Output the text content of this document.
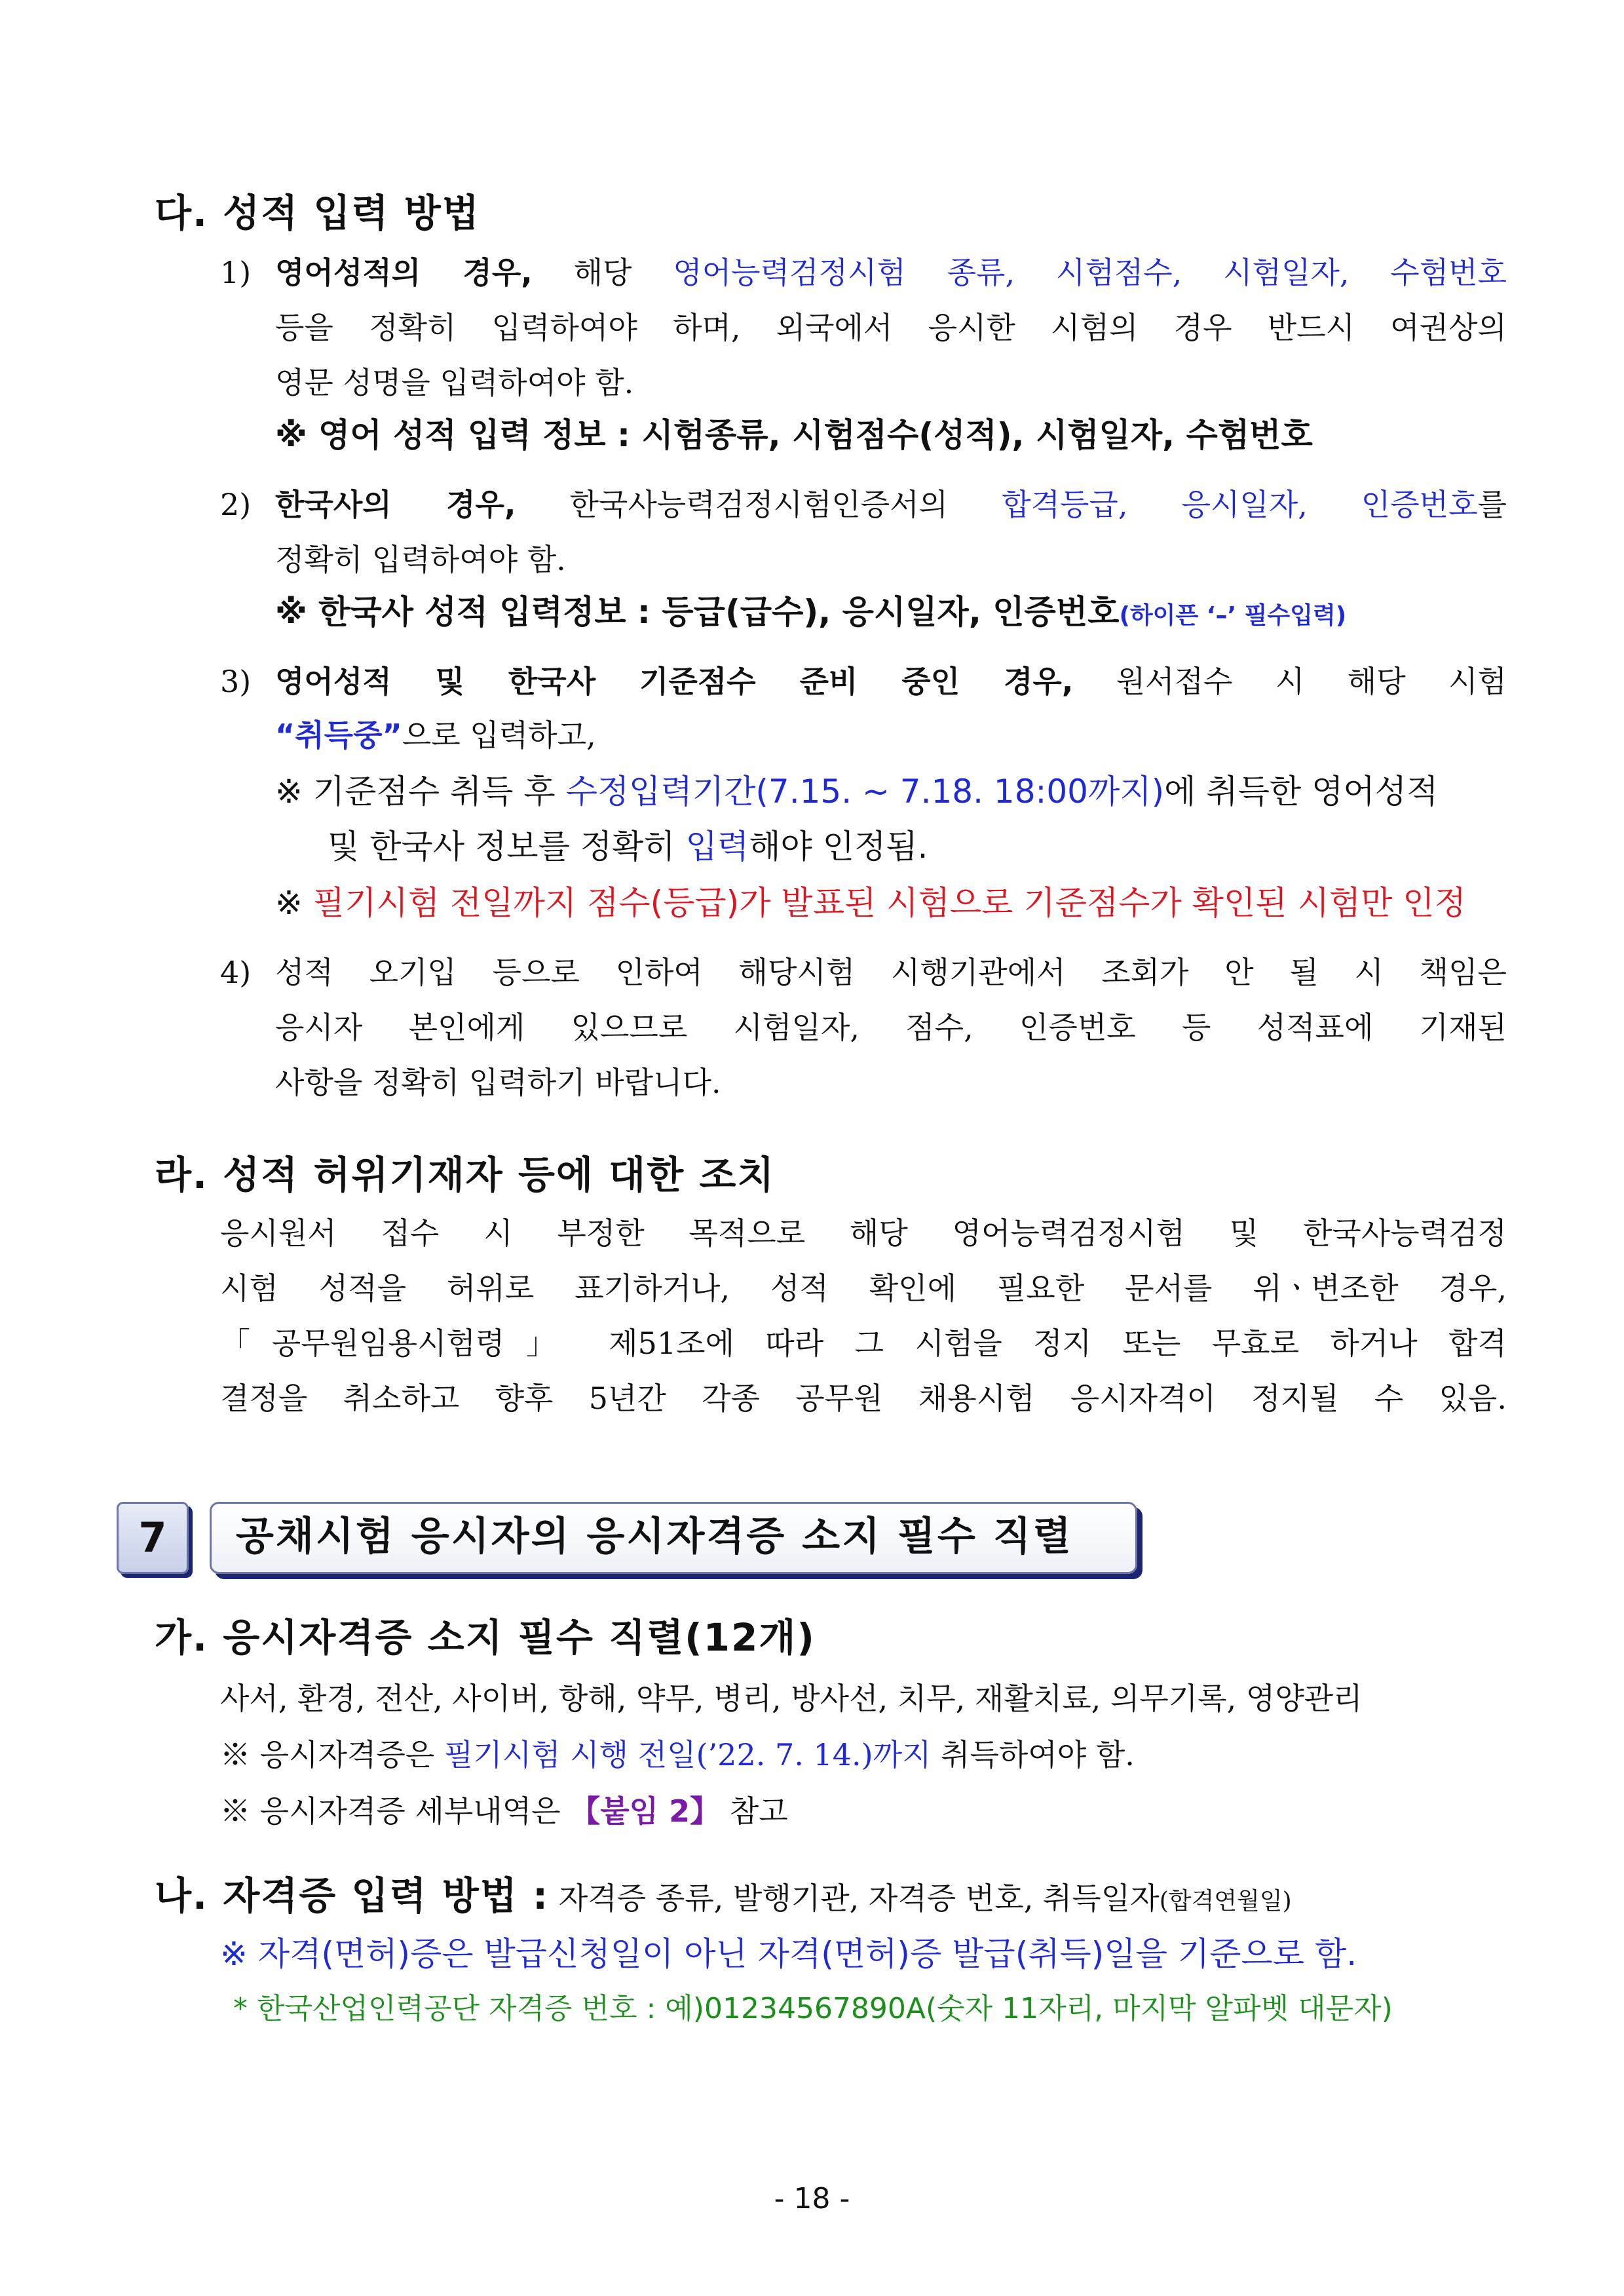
다. 성적 입력 방법
1) 영어성적의 경우, 해당 영어능력검정시험 종류, 시험점수, 시험일자, 수험번호
등을 정확히 입력하여야 하며, 외국에서 응시한 시험의 경우 반드시 여권상의
영문 성명을 입력하여야 함.
※ 영어 성적 입력 정보 : 시험종류, 시험점수(성적), 시험일자, 수험번호
2) 한국사의 경우, 한국사능력검정시험인증서의 합격등급, 응시일자, 인증번호를
정확히 입력하여야 함.
※ 한국사 성적 입력정보 : 등급(급수), 응시일자, 인증번호(하이픈 ‘–’ 필수입력)
3) 영어성적 및 한국사 기준점수 준비 중인 경우, 원서접수 시 해당 시험
“취득중”으로 입력하고,
※ 기준점수 취득 후 수정입력기간(7.15. ~ 7.18. 18:00까지)에 취득한 영어성적
및 한국사 정보를 정확히 입력해야 인정됨.
※ 필기시험 전일까지 점수(등급)가 발표된 시험으로 기준점수가 확인된 시험만 인정
4) 성적 오기입 등으로 인하여 해당시험 시행기관에서 조회가 안 될 시 책임은
응시자 본인에게 있으므로 시험일자, 점수, 인증번호 등 성적표에 기재된
사항을 정확히 입력하기 바랍니다.
라. 성적 허위기재자 등에 대한 조치
응시원서 접수 시 부정한 목적으로 해당 영어능력검정시험 및 한국사능력검정
시험 성적을 허위로 표기하거나, 성적 확인에 필요한 문서를 위ㆍ변조한 경우,
「공무원임용시험령」 제51조에 따라 그 시험을 정지 또는 무효로 하거나 합격
결정을 취소하고 향후 5년간 각종 공무원 채용시험 응시자격이 정지될 수 있음.
7	공채시험 응시자의 응시자격증 소지 필수 직렬
가. 응시자격증 소지 필수 직렬(12개)
사서, 환경, 전산, 사이버, 항해, 약무, 병리, 방사선, 치무, 재활치료, 의무기록, 영양관리
※ 응시자격증은 필기시험 시행 전일(’22. 7. 14.)까지 취득하여야 함.
※ 응시자격증 세부내역은 【붙임 2】 참고
나. 자격증 입력 방법 : 자격증 종류, 발행기관, 자격증 번호, 취득일자(합격연월일)
※ 자격(면허)증은 발급신청일이 아닌 자격(면허)증 발급(취득)일을 기준으로 함.
* 한국산업인력공단 자격증 번호 : 예)01234567890A(숫자 11자리, 마지막 알파벳 대문자)
- 18 -
